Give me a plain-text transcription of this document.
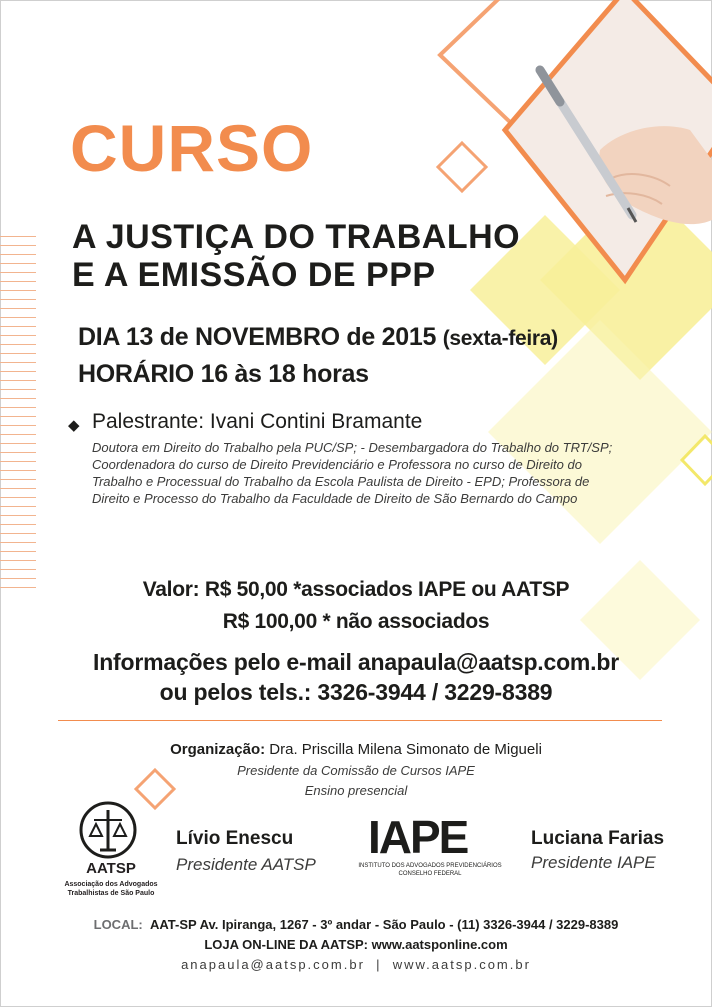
CURSO
A JUSTIÇA DO TRABALHO
E A EMISSÃO DE PPP
DIA 13 de NOVEMBRO de 2015 (sexta-feira)
HORÁRIO 16 às 18 horas
◆ Palestrante: Ivani Contini Bramante
Doutora em Direito do Trabalho pela PUC/SP; - Desembargadora do Trabalho do TRT/SP;
Coordenadora do curso de Direito Previdenciário e Professora no curso de Direito do
Trabalho e Processual do Trabalho da Escola Paulista de Direito - EPD; Professora de
Direito e Processo do Trabalho da Faculdade de Direito de São Bernardo do Campo
Valor: R$ 50,00 *associados IAPE ou AATSP
R$ 100,00 * não associados
Informações pelo e-mail anapaula@aatsp.com.br
ou pelos tels.: 3326-3944 / 3229-8389
Organização: Dra. Priscilla Milena Simonato de Migueli
Presidente da Comissão de Cursos IAPE
Ensino presencial
AATSP
Associação dos Advogados
Trabalhistas de São Paulo
Lívio Enescu
Presidente AATSP
IAPE
INSTITUTO DOS ADVOGADOS PREVIDENCIÁRIOS
CONSELHO FEDERAL
Luciana Farias
Presidente IAPE
LOCAL: AAT-SP Av. Ipiranga, 1267 - 3º andar - São Paulo - (11) 3326-3944 / 3229-8389
LOJA ON-LINE DA AATSP: www.aatsponline.com
anapaula@aatsp.com.br  |  www.aatsp.com.br
